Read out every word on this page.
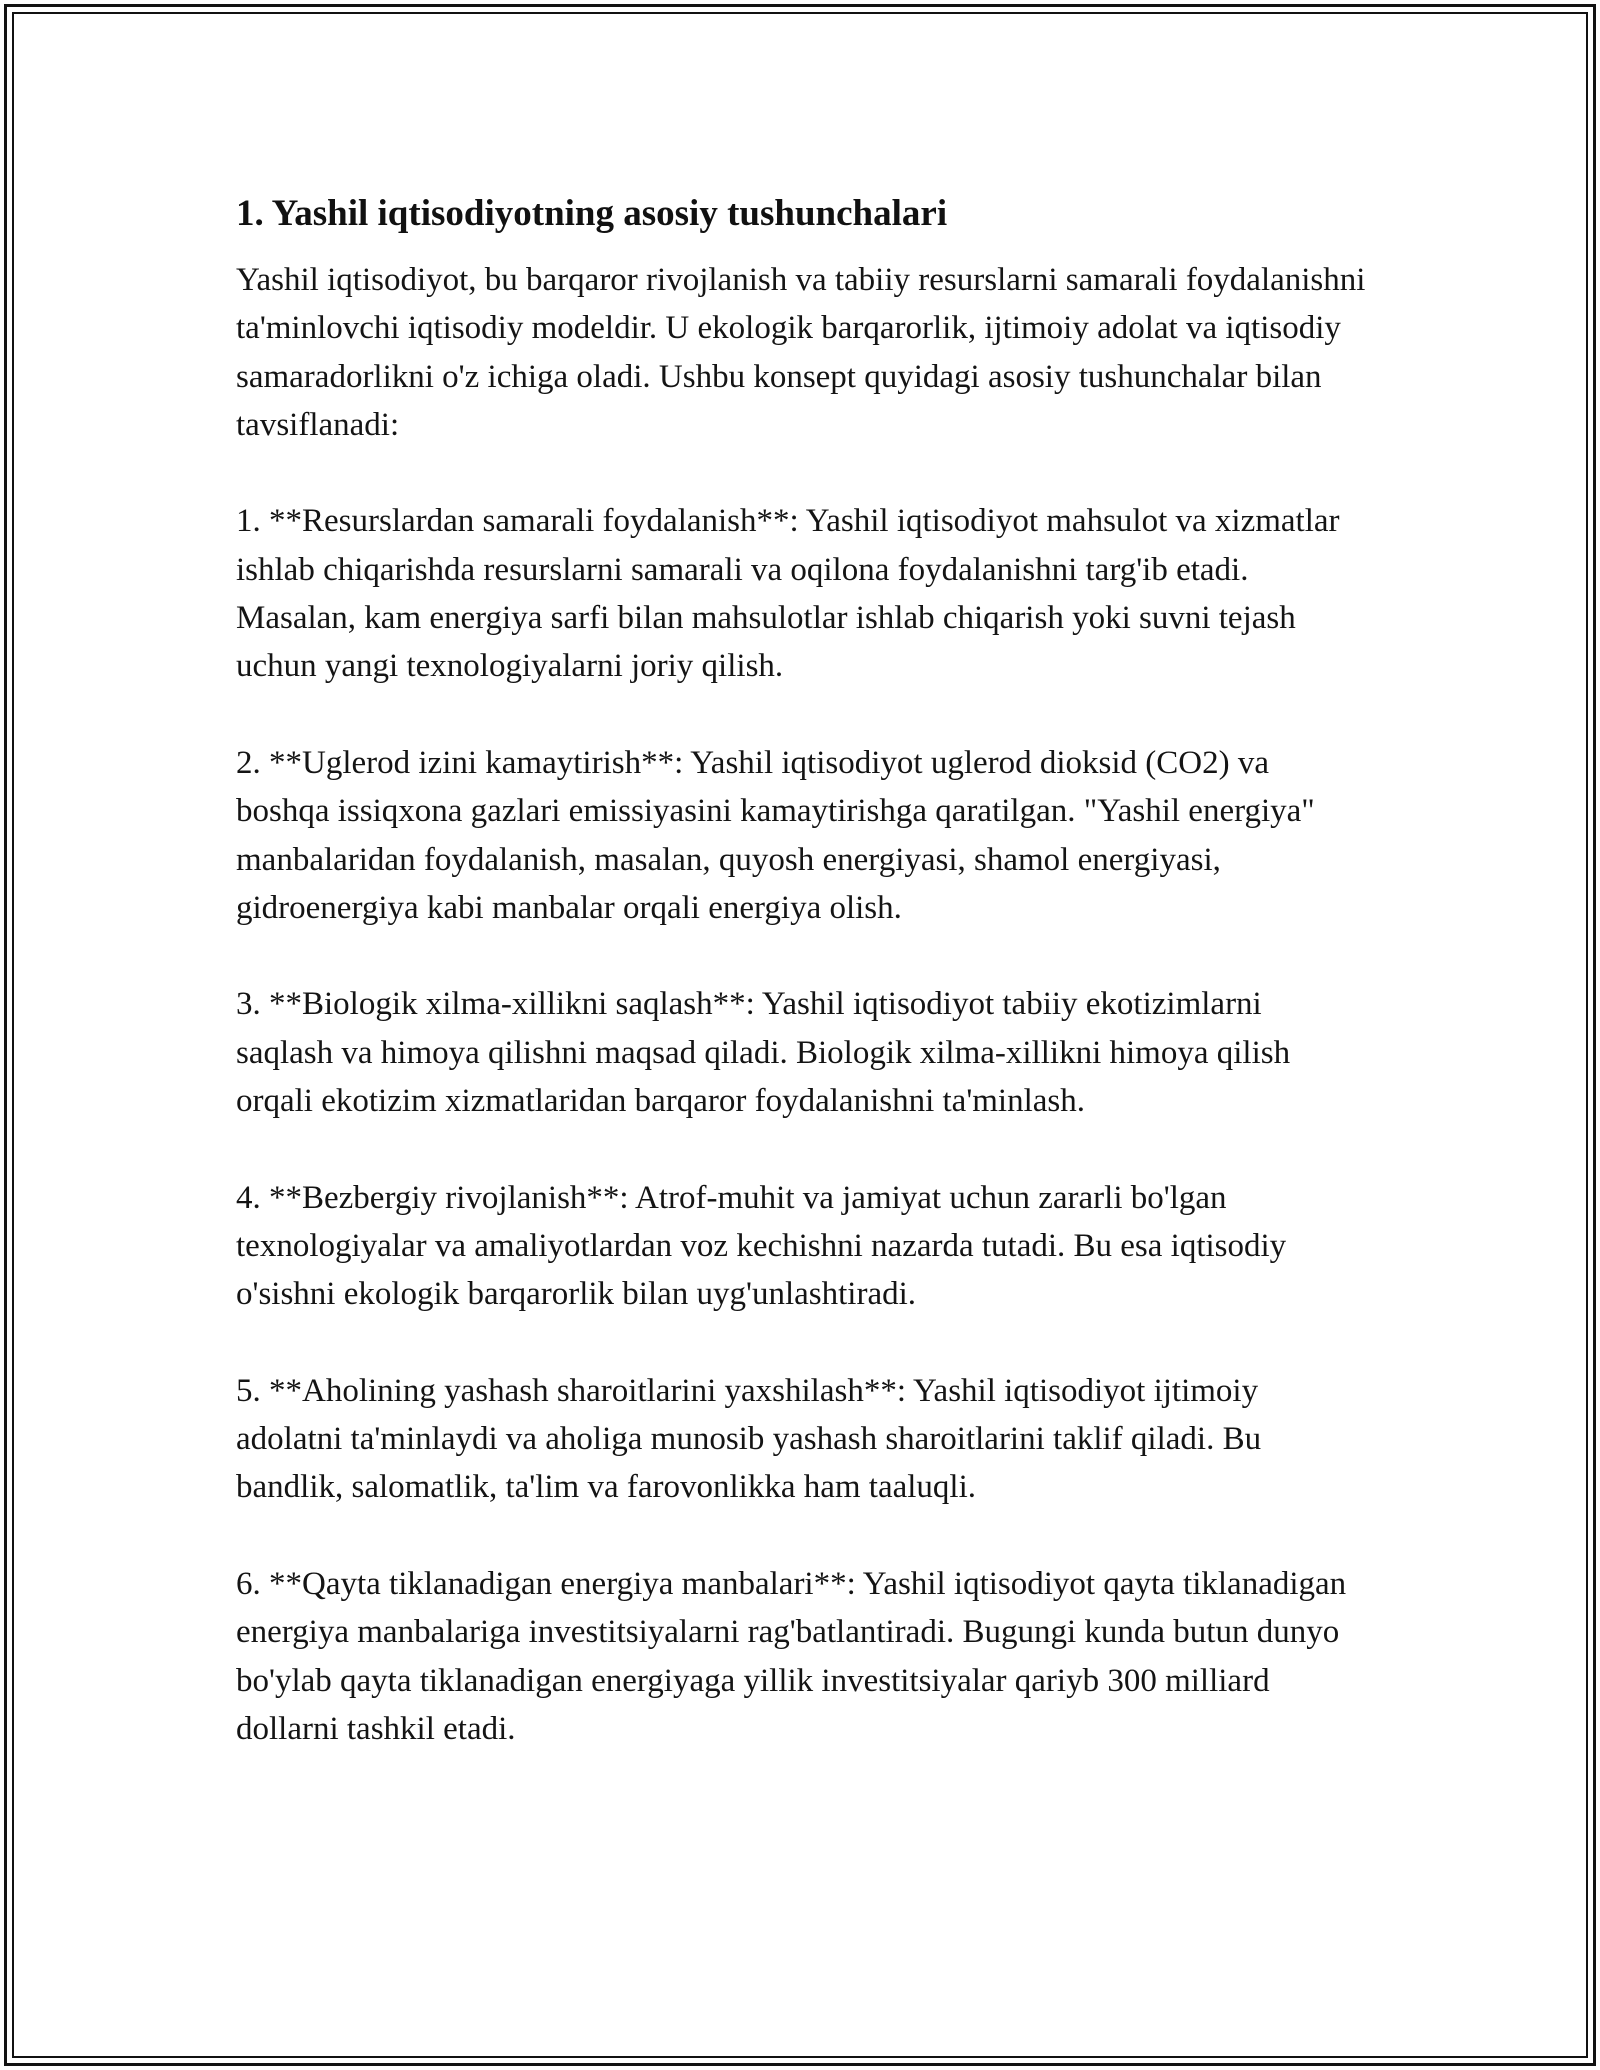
1. Yashil iqtisodiyotning asosiy tushunchalari

Yashil iqtisodiyot, bu barqaror rivojlanish va tabiiy resurslarni samarali foydalanishni ta'minlovchi iqtisodiy modeldir. U ekologik barqarorlik, ijtimoiy adolat va iqtisodiy samaradorlikni o'z ichiga oladi. Ushbu konsept quyidagi asosiy tushunchalar bilan tavsiflanadi:

1. **Resurslardan samarali foydalanish**: Yashil iqtisodiyot mahsulot va xizmatlar ishlab chiqarishda resurslarni samarali va oqilona foydalanishni targ'ib etadi. Masalan, kam energiya sarfi bilan mahsulotlar ishlab chiqarish yoki suvni tejash uchun yangi texnologiyalarni joriy qilish.

2. **Uglerod izini kamaytirish**: Yashil iqtisodiyot uglerod dioksid (CO2) va boshqa issiqxona gazlari emissiyasini kamaytirishga qaratilgan. "Yashil energiya" manbalaridan foydalanish, masalan, quyosh energiyasi, shamol energiyasi, gidroenergiya kabi manbalar orqali energiya olish.

3. **Biologik xilma-xillikni saqlash**: Yashil iqtisodiyot tabiiy ekotizimlarni saqlash va himoya qilishni maqsad qiladi. Biologik xilma-xillikni himoya qilish orqali ekotizim xizmatlaridan barqaror foydalanishni ta'minlash.

4. **Bezbergiy rivojlanish**: Atrof-muhit va jamiyat uchun zararli bo'lgan texnologiyalar va amaliyotlardan voz kechishni nazarda tutadi. Bu esa iqtisodiy o'sishni ekologik barqarorlik bilan uyg'unlashtiradi.

5. **Aholining yashash sharoitlarini yaxshilash**: Yashil iqtisodiyot ijtimoiy adolatni ta'minlaydi va aholiga munosib yashash sharoitlarini taklif qiladi. Bu bandlik, salomatlik, ta'lim va farovonlikka ham taaluqli.

6. **Qayta tiklanadigan energiya manbalari**: Yashil iqtisodiyot qayta tiklanadigan energiya manbalariga investitsiyalarni rag'batlantiradi. Bugungi kunda butun dunyo bo'ylab qayta tiklanadigan energiyaga yillik investitsiyalar qariyb 300 milliard dollarni tashkil etadi.
